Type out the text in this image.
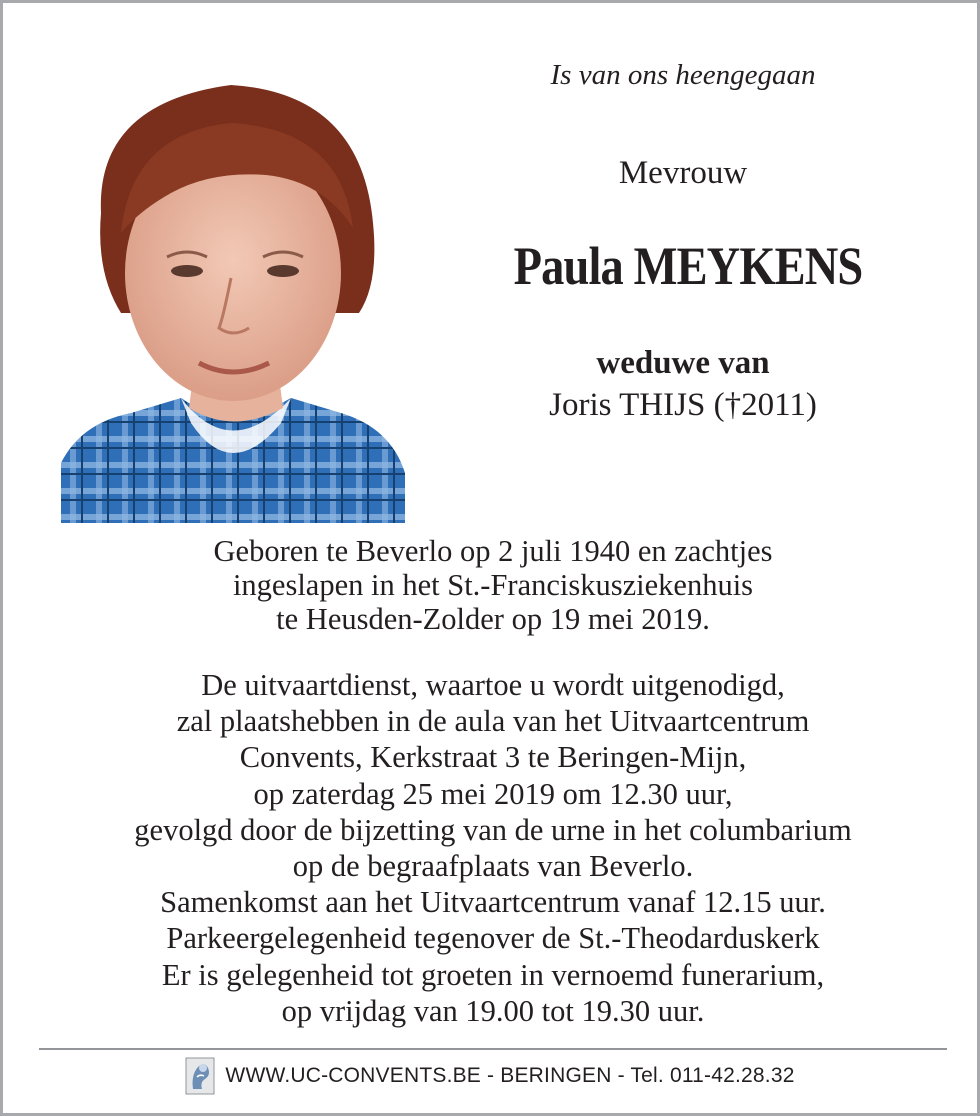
Is van ons heengegaan
Mevrouw
Paula MEYKENS
weduwe van
Joris THIJS (†2011)
Geboren te Beverlo op 2 juli 1940 en zachtjes
ingeslapen in het St.-Franciskusziekenhuis
te Heusden-Zolder op 19 mei 2019.
De uitvaartdienst, waartoe u wordt uitgenodigd,
zal plaatshebben in de aula van het Uitvaartcentrum
Convents, Kerkstraat 3 te Beringen-Mijn,
op zaterdag 25 mei 2019 om 12.30 uur,
gevolgd door de bijzetting van de urne in het columbarium
op de begraafplaats van Beverlo.
Samenkomst aan het Uitvaartcentrum vanaf 12.15 uur.
Parkeergelegenheid tegenover de St.-Theodarduskerk
Er is gelegenheid tot groeten in vernoemd funerarium,
op vrijdag van 19.00 tot 19.30 uur.
WWW.UC-CONVENTS.BE - BERINGEN - Tel. 011-42.28.32
